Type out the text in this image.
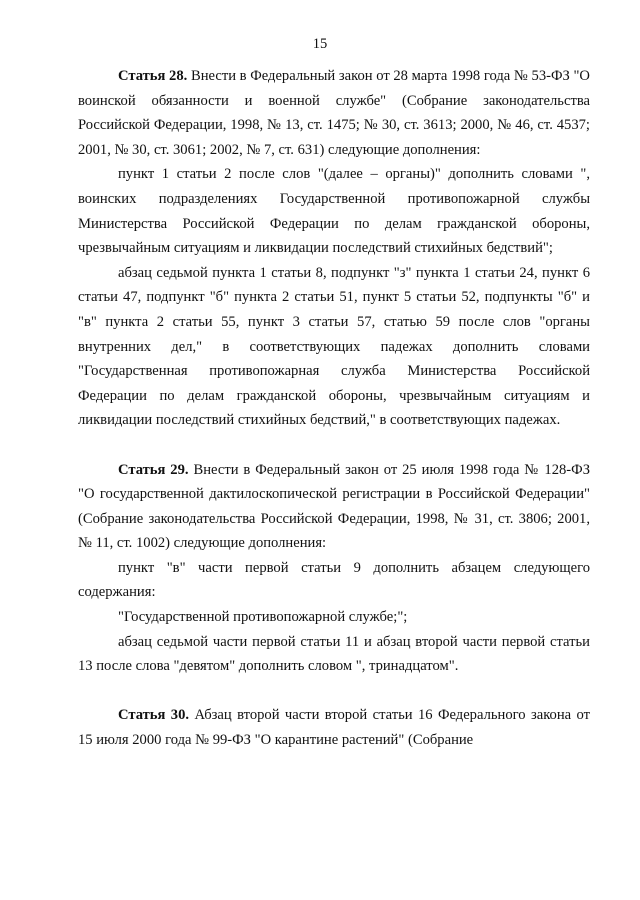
15

Статья 28. Внести в Федеральный закон от 28 марта 1998 года № 53-ФЗ "О воинской обязанности и военной службе" (Собрание законодательства Российской Федерации, 1998, № 13, ст. 1475; № 30, ст. 3613; 2000, № 46, ст. 4537; 2001, № 30, ст. 3061; 2002, № 7, ст. 631) следующие дополнения:

пункт 1 статьи 2 после слов "(далее – органы)" дополнить словами ", воинских подразделениях Государственной противопожарной службы Министерства Российской Федерации по делам гражданской обороны, чрезвычайным ситуациям и ликвидации последствий стихийных бедствий";

абзац седьмой пункта 1 статьи 8, подпункт "з" пункта 1 статьи 24, пункт 6 статьи 47, подпункт "б" пункта 2 статьи 51, пункт 5 статьи 52, подпункты "б" и "в" пункта 2 статьи 55, пункт 3 статьи 57, статью 59 после слов "органы внутренних дел," в соответствующих падежах дополнить словами "Государственная противопожарная служба Министерства Российской Федерации по делам гражданской обороны, чрезвычайным ситуациям и ликвидации последствий стихийных бедствий," в соответствующих падежах.

Статья 29. Внести в Федеральный закон от 25 июля 1998 года № 128-ФЗ "О государственной дактилоскопической регистрации в Российской Федерации" (Собрание законодательства Российской Федерации, 1998, № 31, ст. 3806; 2001, № 11, ст. 1002) следующие дополнения:

пункт "в" части первой статьи 9 дополнить абзацем следующего содержания:

"Государственной противопожарной службе;";

абзац седьмой части первой статьи 11 и абзац второй части первой статьи 13 после слова "девятом" дополнить словом ", тринадцатом".

Статья 30. Абзац второй части второй статьи 16 Федерального закона от 15 июля 2000 года № 99-ФЗ "О карантине растений" (Собрание
